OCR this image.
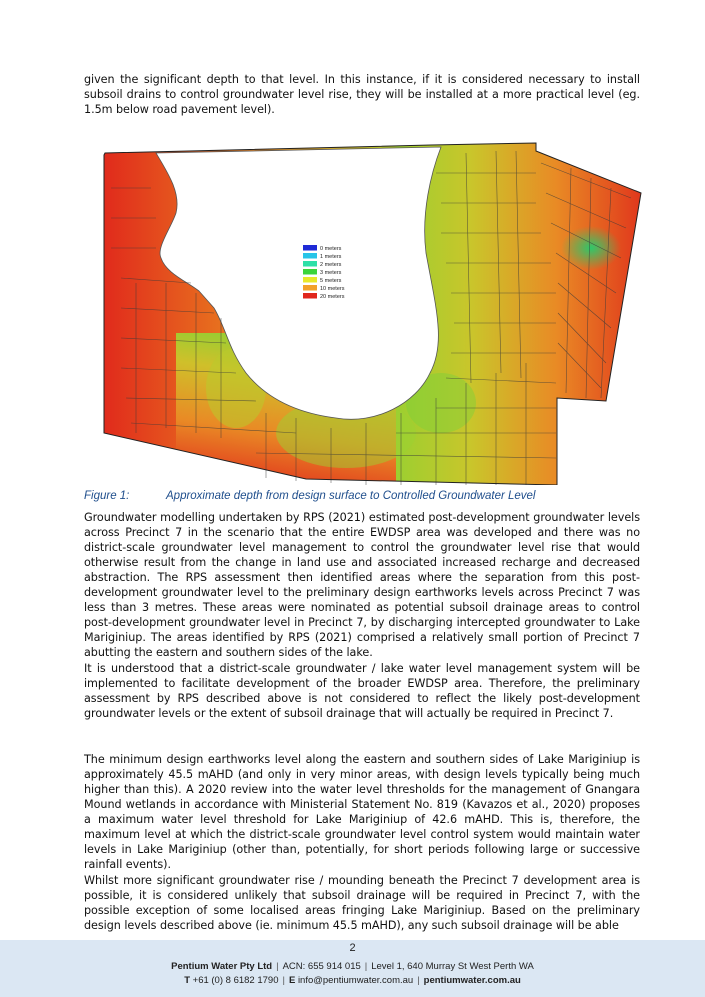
given the significant depth to that level. In this instance, if it is considered necessary to install subsoil drains to control groundwater level rise, they will be installed at a more practical level (eg. 1.5m below road pavement level).

0 meters
1 meters
2 meters
3 meters
5 meters
10 meters
20 meters
Figure 1:	Approximate depth from design surface to Controlled Groundwater Level

Groundwater modelling undertaken by RPS (2021) estimated post-development groundwater levels across Precinct 7 in the scenario that the entire EWDSP area was developed and there was no district-scale groundwater level management to control the groundwater level rise that would otherwise result from the change in land use and associated increased recharge and decreased abstraction. The RPS assessment then identified areas where the separation from this post-development groundwater level to the preliminary design earthworks levels across Precinct 7 was less than 3 metres. These areas were nominated as potential subsoil drainage areas to control post-development groundwater level in Precinct 7, by discharging intercepted groundwater to Lake Mariginiup. The areas identified by RPS (2021) comprised a relatively small portion of Precinct 7 abutting the eastern and southern sides of the lake.

It is understood that a district-scale groundwater / lake water level management system will be implemented to facilitate development of the broader EWDSP area. Therefore, the preliminary assessment by RPS described above is not considered to reflect the likely post-development groundwater levels or the extent of subsoil drainage that will actually be required in Precinct 7.

The minimum design earthworks level along the eastern and southern sides of Lake Mariginiup is approximately 45.5 mAHD (and only in very minor areas, with design levels typically being much higher than this). A 2020 review into the water level thresholds for the management of Gnangara Mound wetlands in accordance with Ministerial Statement No. 819 (Kavazos et al., 2020) proposes a maximum water level threshold for Lake Mariginiup of 42.6 mAHD. This is, therefore, the maximum level at which the district-scale groundwater level control system would maintain water levels in Lake Mariginiup (other than, potentially, for short periods following large or successive rainfall events).

Whilst more significant groundwater rise / mounding beneath the Precinct 7 development area is possible, it is considered unlikely that subsoil drainage will be required in Precinct 7, with the possible exception of some localised areas fringing Lake Mariginiup. Based on the preliminary design levels described above (ie. minimum 45.5 mAHD), any such subsoil drainage will be able

2
Pentium Water Pty Ltd | ACN: 655 914 015 | Level 1, 640 Murray St West Perth WA
T +61 (0) 8 6182 1790 | E info@pentiumwater.com.au | pentiumwater.com.au
